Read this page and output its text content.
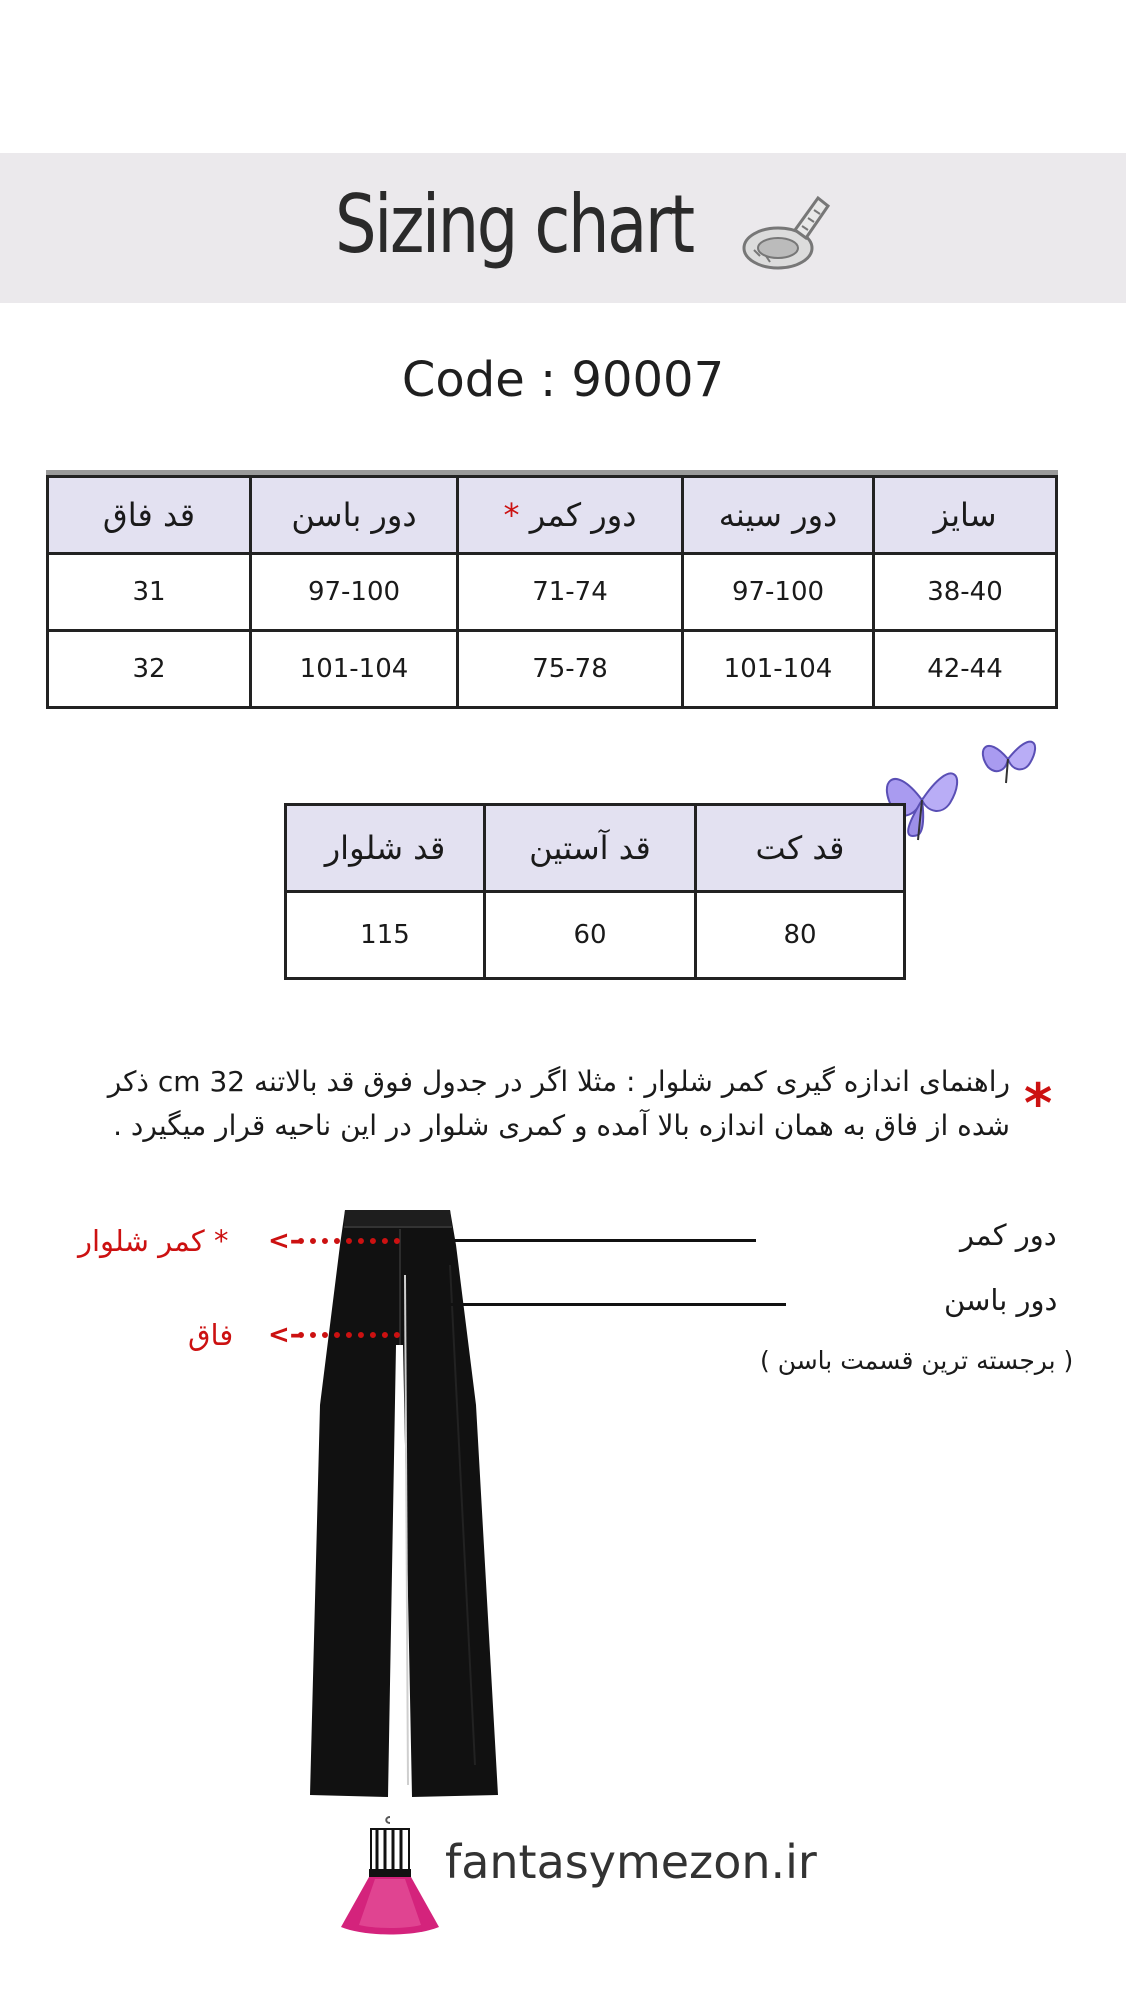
Sizing chart
Code : 90007
سایز	دور سینه	دور کمر *	دور باسن	قد فاق
38-40	97-100	71-74	97-100	31
42-44	101-104	75-78	101-104	32
قد کت	قد آستین	قد شلوار
80	60	115
*
راهنمای اندازه گیری کمر شلوار : مثلا اگر در جدول فوق قد بالاتنه 32 cm ذکر
شده از فاق به همان اندازه بالا آمده و کمری شلوار در این ناحیه قرار میگیرد .
دور کمر
دور باسن
( برجسته ترین قسمت باسن )
* کمر شلوار <-
فاق <-
fantasymezon.ir
